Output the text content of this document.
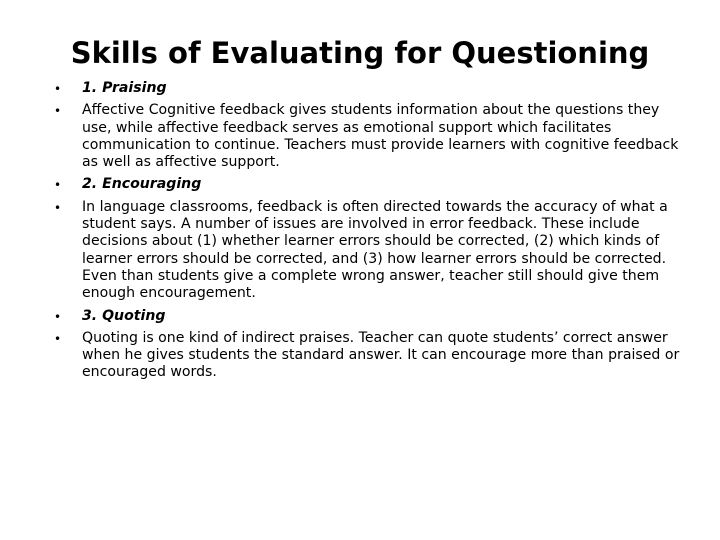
Skills of Evaluating for Questioning
• 1. Praising
• Affective Cognitive feedback gives students information about the questions they use, while affective feedback serves as emotional support which facilitates communication to continue. Teachers must provide learners with cognitive feedback as well as affective support.
• 2. Encouraging
• In language classrooms, feedback is often directed towards the accuracy of what a student says. A number of issues are involved in error feedback. These include decisions about (1) whether learner errors should be corrected, (2) which kinds of learner errors should be corrected, and (3) how learner errors should be corrected. Even than students give a complete wrong answer, teacher still should give them enough encouragement.
• 3. Quoting
• Quoting is one kind of indirect praises. Teacher can quote students’ correct answer when he gives students the standard answer. It can encourage more than praised or encouraged words.
